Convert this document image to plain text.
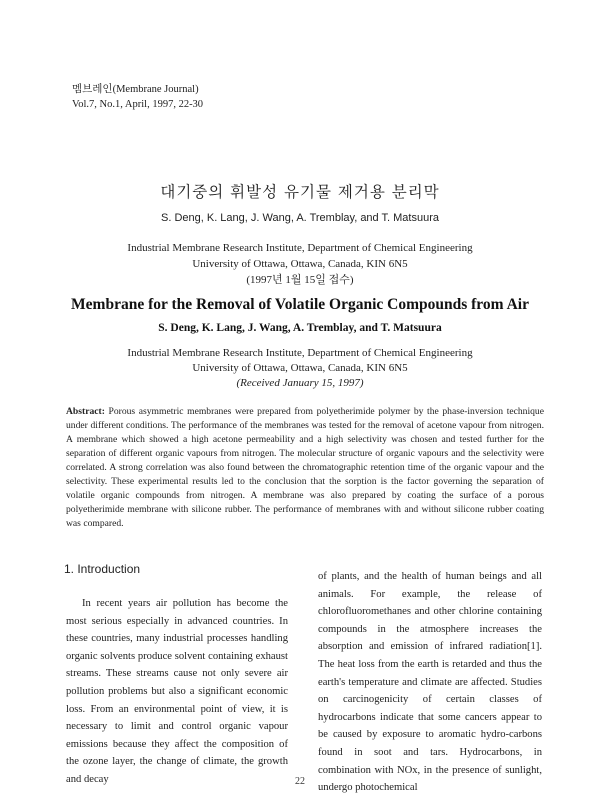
멤브레인(Membrane Journal)
Vol.7, No.1, April, 1997, 22-30
대기중의 휘발성 유기물 제거용 분리막
S. Deng, K. Lang, J. Wang, A. Tremblay, and T. Matsuura
Industrial Membrane Research Institute, Department of Chemical Engineering
University of Ottawa, Ottawa, Canada, KIN 6N5
(1997년 1월 15일 접수)
Membrane for the Removal of Volatile Organic Compounds from Air
S. Deng, K. Lang, J. Wang, A. Tremblay, and T. Matsuura
Industrial Membrane Research Institute, Department of Chemical Engineering
University of Ottawa, Ottawa, Canada, KIN 6N5
(Received January 15, 1997)
Abstract: Porous asymmetric membranes were prepared from polyetherimide polymer by the phase-inversion technique under different conditions. The performance of the membranes was tested for the removal of acetone vapour from nitrogen. A membrane which showed a high acetone permeability and a high selectivity was chosen and tested further for the separation of different organic vapours from nitrogen. The molecular structure of organic vapours and the selectivity were correlated. A strong correlation was also found between the chromatographic retention time of the organic vapour and the selectivity. These experimental results led to the conclusion that the sorption is the factor governing the separation of volatile organic compounds from nitrogen. A membrane was also prepared by coating the surface of a porous polyetherimide membrane with silicone rubber. The performance of membranes with and without silicone rubber coating was compared.
1. Introduction
In recent years air pollution has become the most serious especially in advanced countries. In these countries, many industrial processes handling organic solvents produce solvent containing exhaust streams. These streams cause not only severe air pollution problems but also a significant economic loss. From an environmental point of view, it is necessary to limit and control organic vapour emissions because they affect the composition of the ozone layer, the change of climate, the growth and decay
of plants, and the health of human beings and all animals. For example, the release of chlorofluoromethanes and other chlorine containing compounds in the atmosphere increases the absorption and emission of infrared radiation[1]. The heat loss from the earth is retarded and thus the earth's temperature and climate are affected. Studies on carcinogenicity of certain classes of hydrocarbons indicate that some cancers appear to be caused by exposure to aromatic hydro-carbons found in soot and tars. Hydrocarbons, in combination with NOx, in the presence of sunlight, undergo photochemical
22
